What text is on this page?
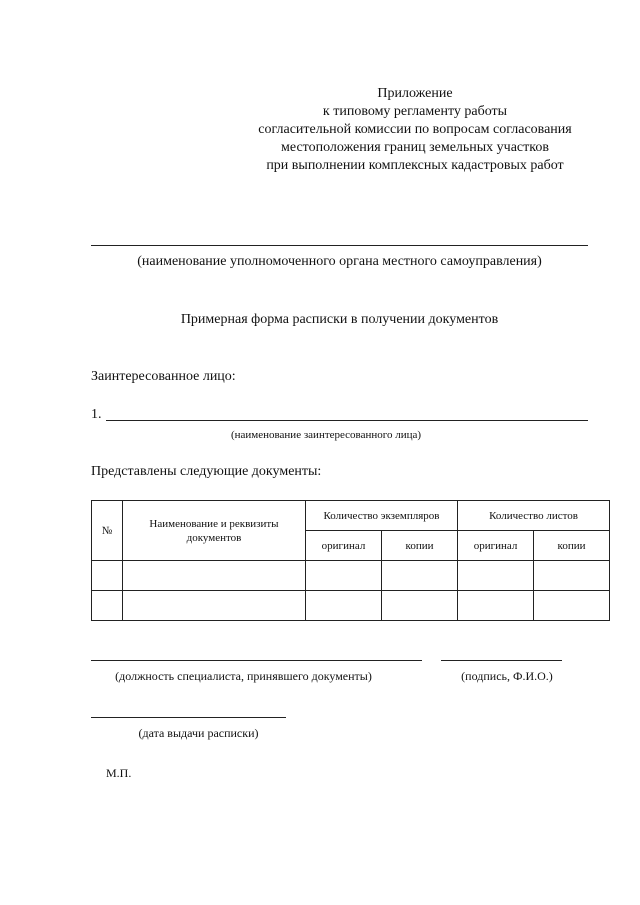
Приложение
к типовому регламенту работы
согласительной комиссии по вопросам согласования
местоположения границ земельных участков
при выполнении комплексных кадастровых работ
(наименование уполномоченного органа местного самоуправления)
Примерная форма расписки в получении документов
Заинтересованное лицо:
1.
(наименование заинтересованного лица)
Представлены следующие документы:
№	Наименование и реквизиты документов	Количество экземпляров		Количество листов	
		оригинал	копии	оригинал	копии

(должность специалиста, принявшего документы)	(подпись, Ф.И.О.)
(дата выдачи расписки)
М.П.
